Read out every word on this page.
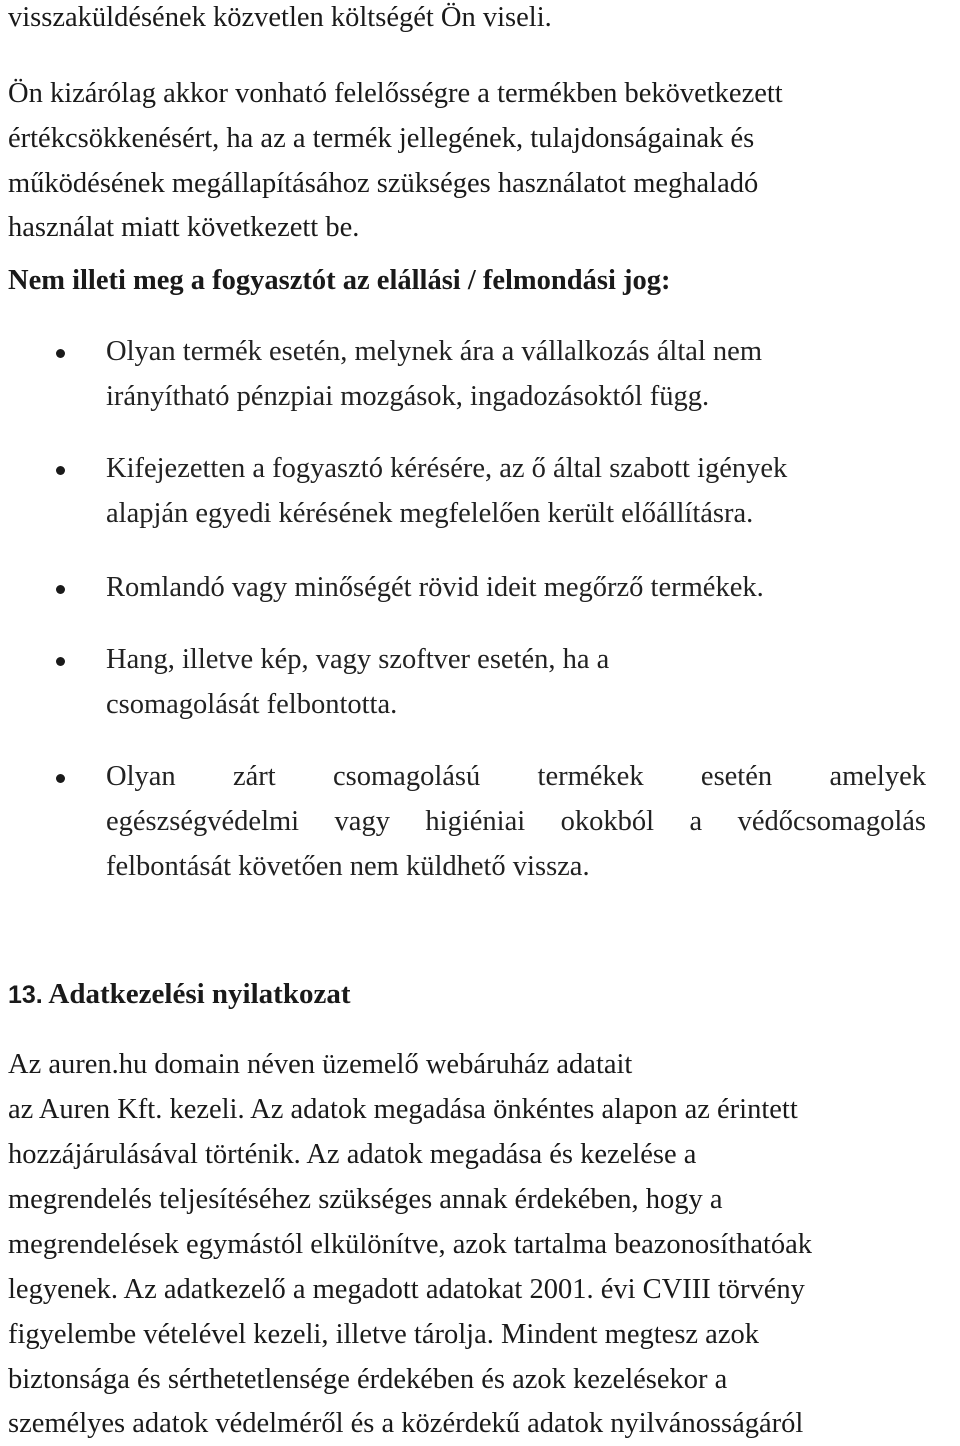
visszaküldésének közvetlen költségét Ön viseli.

Ön kizárólag akkor vonható felelősségre a termékben bekövetkezett

értékcsökkenésért, ha az a termék jellegének, tulajdonságainak és

működésének megállapításához szükséges használatot meghaladó

használat miatt következett be.

Nem illeti meg a fogyasztót az elállási / felmondási jog:

Olyan termék esetén, melynek ára a vállalkozás által nem

irányítható pénzpiai mozgások, ingadozásoktól függ.

Kifejezetten a fogyasztó kérésére, az ő által szabott igények

alapján egyedi kérésének megfelelően került előállításra.

Romlandó vagy minőségét rövid ideit megőrző termékek.

Hang, illetve kép, vagy szoftver esetén, ha a

csomagolását felbontotta.

Olyan zárt csomagolású termékek esetén amelyek

egészségvédelmi vagy higiéniai okokból a védőcsomagolás

felbontását követően nem küldhető vissza.

13. Adatkezelési nyilatkozat

Az auren.hu domain néven üzemelő webáruház adatait

az Auren Kft. kezeli. Az adatok megadása önkéntes alapon az érintett

hozzájárulásával történik. Az adatok megadása és kezelése a

megrendelés teljesítéséhez szükséges annak érdekében, hogy a

megrendelések egymástól elkülönítve, azok tartalma beazonosíthatóak

legyenek. Az adatkezelő a megadott adatokat 2001. évi CVIII törvény

figyelembe vételével kezeli, illetve tárolja. Mindent megtesz azok

biztonsága és sérthetetlensége érdekében és azok kezelésekor a

személyes adatok védelméről és a közérdekű adatok nyilvánosságáról
